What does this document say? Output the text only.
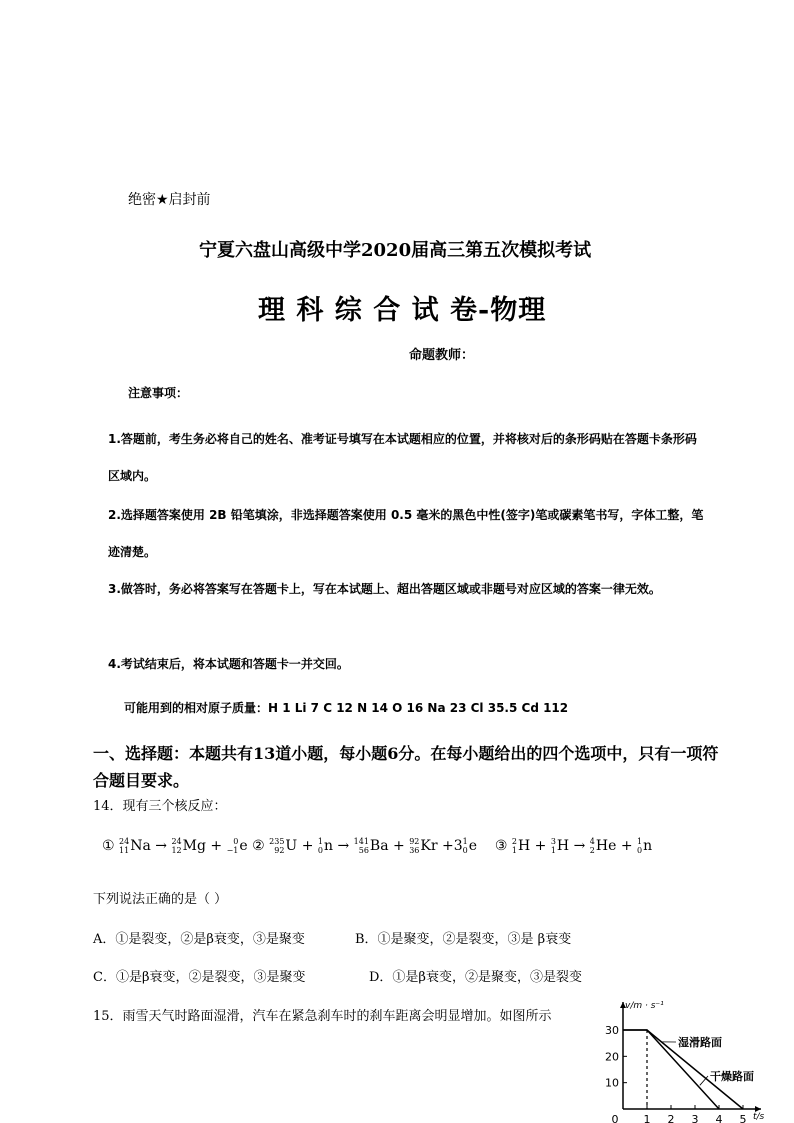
绝密★启封前
宁夏六盘山高级中学2020届高三第五次模拟考试
理 科 综 合 试 卷-物理
命题教师：
注意事项：
1.答题前，考生务必将自己的姓名、准考证号填写在本试题相应的位置，并将核对后的条形码贴在答题卡条形码区域内。
2.选择题答案使用 2B 铅笔填涂，非选择题答案使用 0.5 毫米的黑色中性(签字)笔或碳素笔书写，字体工整，笔迹清楚。
3.做答时，务必将答案写在答题卡上，写在本试题上、超出答题区域或非题号对应区域的答案一律无效。
4.考试结束后，将本试题和答题卡一并交回。
可能用到的相对原子质量：H 1 Li 7 C 12 N 14 O 16 Na 23 Cl 35.5 Cd 112
一、选择题：本题共有13道小题，每小题6分。在每小题给出的四个选项中，只有一项符合题目要求。
14．现有三个核反应：
① 24
11 Na → 24
12 Mg +	0
−1 e ② 235
92 U + 1
0 n → 141
56 Ba + 92
36 Kr +3 1
0 e ③ 2
1 H + 3
1 H → 4
2 He + 1
0 n
下列说法正确的是（ ）
A．①是裂变，②是β衰变，③是聚变	B．①是聚变，②是裂变，③是 β衰变
C．①是β衰变，②是裂变，③是聚变	D．①是β衰变，②是聚变，③是裂变
15．雨雪天气时路面湿滑，汽车在紧急刹车时的刹车距离会明显增加。如图所示
v/m · s⁻¹
t/s
10
20
30
0 1 2 3 4 5
湿滑路面
干燥路面
